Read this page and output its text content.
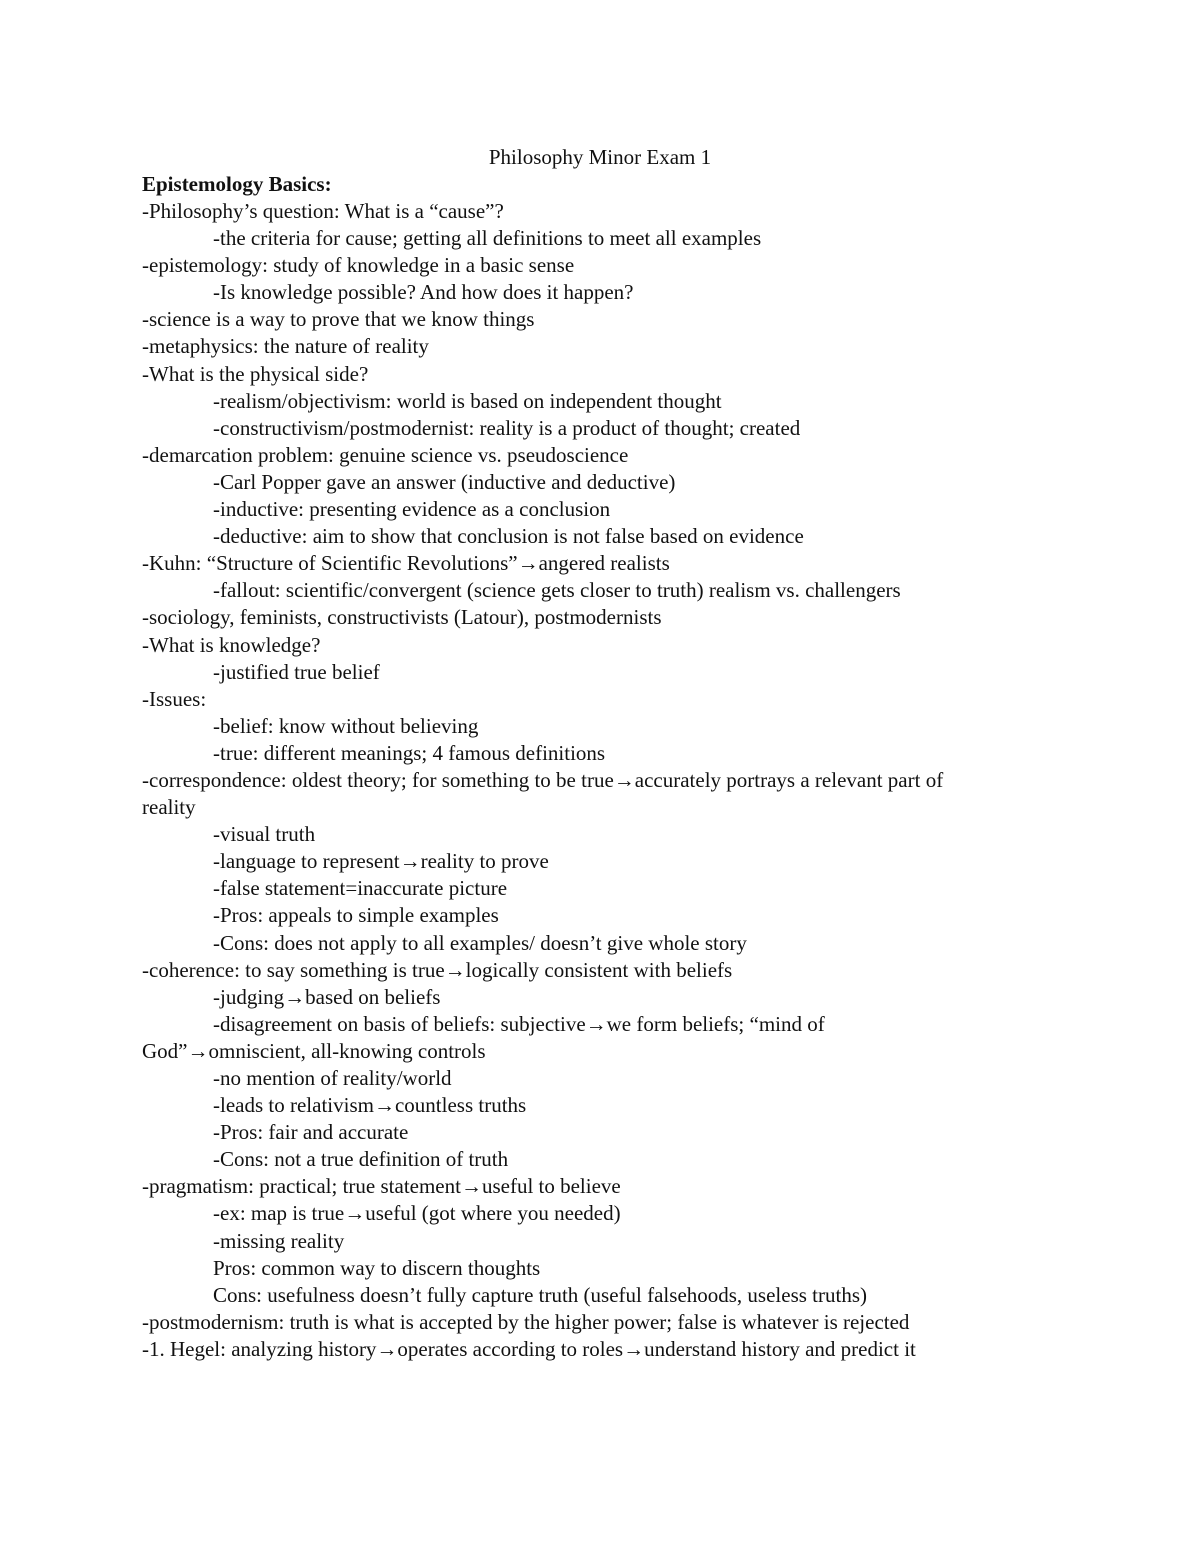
Philosophy Minor Exam 1
Epistemology Basics:
-Philosophy’s question: What is a “cause”?
-the criteria for cause; getting all definitions to meet all examples
-epistemology: study of knowledge in a basic sense
-Is knowledge possible? And how does it happen?
-science is a way to prove that we know things
-metaphysics: the nature of reality
-What is the physical side?
-realism/objectivism: world is based on independent thought
-constructivism/postmodernist: reality is a product of thought; created
-demarcation problem: genuine science vs. pseudoscience
-Carl Popper gave an answer (inductive and deductive)
-inductive: presenting evidence as a conclusion
-deductive: aim to show that conclusion is not false based on evidence
-Kuhn: “Structure of Scientific Revolutions”→angered realists
-fallout: scientific/convergent (science gets closer to truth) realism vs. challengers
-sociology, feminists, constructivists (Latour), postmodernists
-What is knowledge?
-justified true belief
-Issues:
-belief: know without believing
-true: different meanings; 4 famous definitions
-correspondence: oldest theory; for something to be true→accurately portrays a relevant part of
reality
-visual truth
-language to represent→reality to prove
-false statement=inaccurate picture
-Pros: appeals to simple examples
-Cons: does not apply to all examples/ doesn’t give whole story
-coherence: to say something is true→logically consistent with beliefs
-judging→based on beliefs
-disagreement on basis of beliefs: subjective→we form beliefs; “mind of
God”→omniscient, all-knowing controls
-no mention of reality/world
-leads to relativism→countless truths
-Pros: fair and accurate
-Cons: not a true definition of truth
-pragmatism: practical; true statement→useful to believe
-ex: map is true→useful (got where you needed)
-missing reality
Pros: common way to discern thoughts
Cons: usefulness doesn’t fully capture truth (useful falsehoods, useless truths)
-postmodernism: truth is what is accepted by the higher power; false is whatever is rejected
-1. Hegel: analyzing history→operates according to roles→understand history and predict it
